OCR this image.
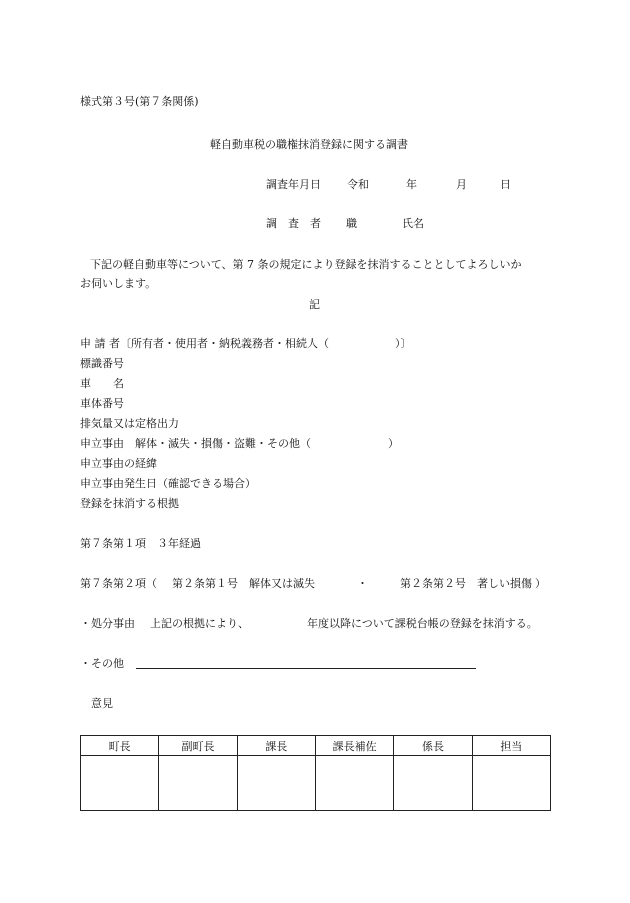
様式第３号(第７条関係)
軽自動車税の職権抹消登録に関する調書
調査年月日 令和	年	月	日
調　査　者 職	氏名
下記の軽自動車等について、第 7 条の規定により登録を抹消することとしてよろしいか
お伺いします。
記
申 請 者〔所有者・使用者・納税義務者・相続人（　　　　　　）〕
標識番号
車　　名
車体番号
排気量又は定格出力
申立事由　解体・滅失・損傷・盗難・その他（　　　　　　　）
申立事由の経緯
申立事由発生日（確認できる場合）
登録を抹消する根拠
第７条第１項　３年経過
第７条第２項（ 第２条第１号　解体又は滅失	・	第２条第２号　著しい損傷 ）
・処分事由 上記の根拠により、	年度以降について課税台帳の登録を抹消する。
・その他
意見
町長	副町長	課長	課長補佐	係長	担当
